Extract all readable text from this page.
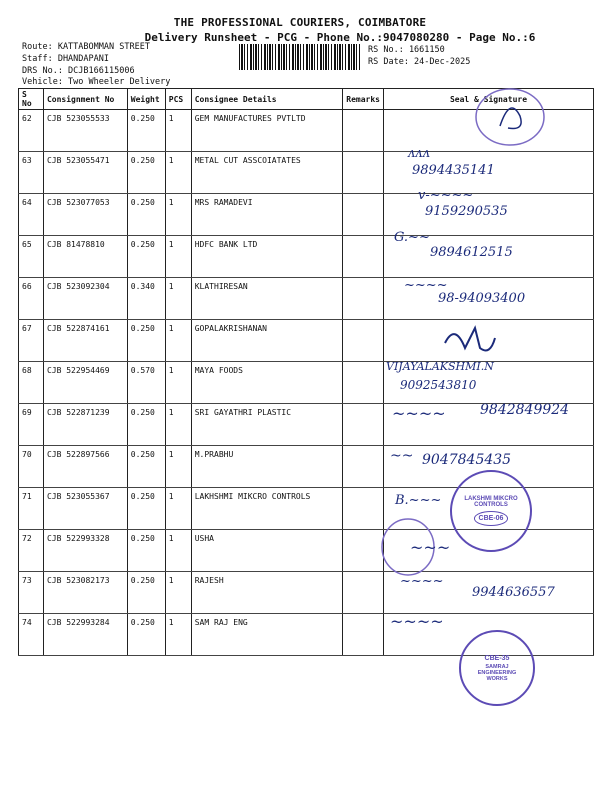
THE PROFESSIONAL COURIERS, COIMBATORE
Delivery Runsheet - PCG - Phone No.:9047080280 - Page No.:6
Route: KATTABOMMAN STREET
Staff: DHANDAPANI
DRS No.: DCJB166115006
Vehicle: Two Wheeler Delivery
RS No.: 1661150
RS Date: 24-Dec-2025
S No	Consignment No	Weight	PCS	Consignee Details	Remarks	Seal & Signature
62	CJB 523055533	0.250	1	GEM MANUFACTURES PVTLTD		
63	CJB 523055471	0.250	1	METAL CUT ASSCOIATATES		
64	CJB 523077053	0.250	1	MRS RAMADEVI		
65	CJB 81478810	0.250	1	HDFC BANK LTD		
66	CJB 523092304	0.340	1	KLATHIRESAN		
67	CJB 522874161	0.250	1	GOPALAKRISHANAN		
68	CJB 522954469	0.570	1	MAYA FOODS		
69	CJB 522871239	0.250	1	SRI GAYATHRI PLASTIC		
70	CJB 522897566	0.250	1	M.PRABHU		
71	CJB 523055367	0.250	1	LAKHSHMI MIKCRO CONTROLS		
72	CJB 522993328	0.250	1	USHA		
73	CJB 523082173	0.250	1	RAJESH		
74	CJB 522993284	0.250	1	SAM RAJ ENG		
ᴧᴧᴧ
9894435141
v-~~~~
9159290535
G.~~
9894612515
~~~~
98-94093400
VIJAYALAKSHMI.N
9092543810
~~~~ 9842849924
~~ 9047845435
B.~~~	LAKSHMI MIKCRO CONTROLS
CBE-06
~~~
~~~~
9944636557
~~~~
CBE-35
SAMRAJ ENGINEERING WORKS
